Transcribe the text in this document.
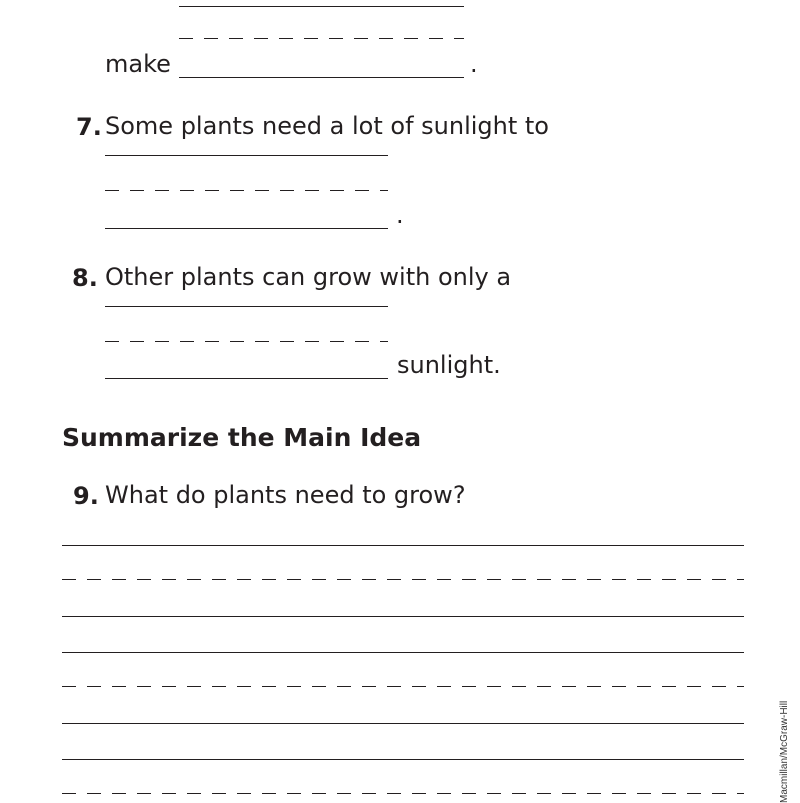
make	.
7. Some plants need a lot of sunlight to
.
8. Other plants can grow with only a
sunlight.
Summarize the Main Idea
9. What do plants need to grow?
Macmillan/McGraw-Hill
